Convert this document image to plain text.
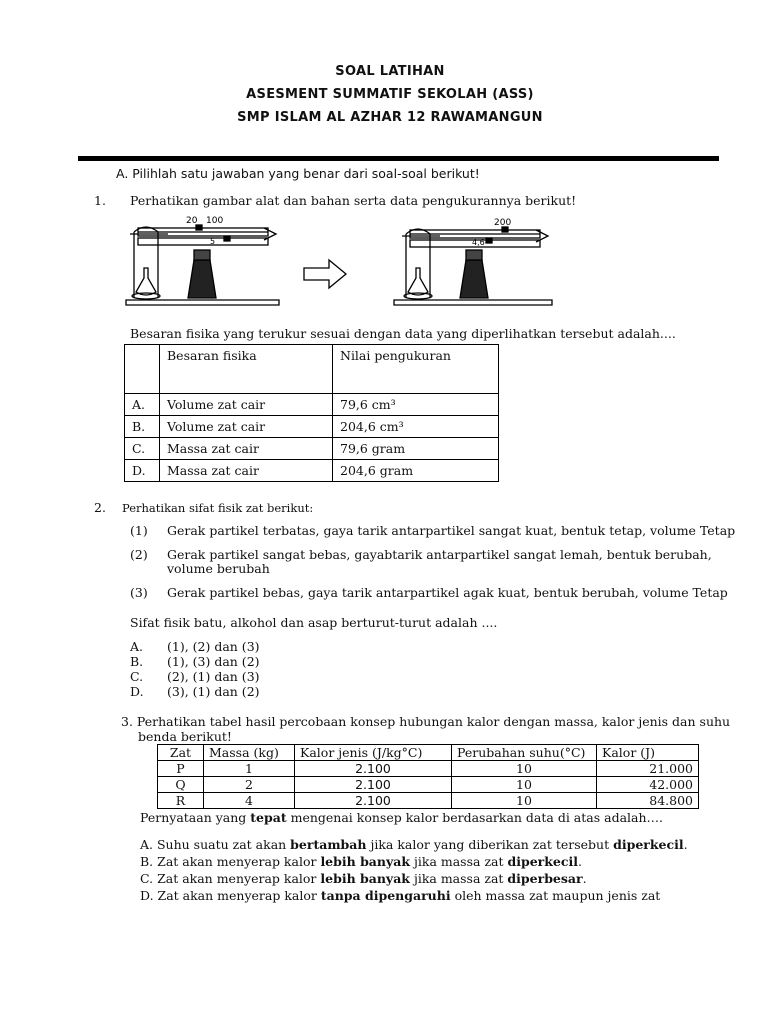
SOAL LATIHAN
ASESMENT SUMMATIF SEKOLAH (ASS)
SMP ISLAM AL AZHAR 12 RAWAMANGUN
A. Pilihlah satu jawaban yang benar dari soal-soal berikut!
1. Perhatikan gambar alat dan bahan serta data pengukurannya berikut!
20 100
5
200
4,6
Besaran fisika yang terukur sesuai dengan data yang diperlihatkan tersebut adalah....
	Besaran fisika	Nilai pengukuran
A.	Volume zat cair	79,6 cm³
B.	Volume zat cair	204,6 cm³
C.	Massa zat cair	79,6 gram
D.	Massa zat cair	204,6 gram
2. Perhatikan sifat fisik zat berikut:
(1) Gerak partikel terbatas, gaya tarik antarpartikel sangat kuat, bentuk tetap, volume Tetap
(2) Gerak partikel sangat bebas, gayabtarik antarpartikel sangat lemah, bentuk berubah,
volume berubah
(3) Gerak partikel bebas, gaya tarik antarpartikel agak kuat, bentuk berubah, volume Tetap
Sifat fisik batu, alkohol dan asap berturut-turut adalah ....
A. (1), (2) dan (3)
B. (1), (3) dan (2)
C. (2), (1) dan (3)
D. (3), (1) dan (2)
3. Perhatikan tabel hasil percobaan konsep hubungan kalor dengan massa, kalor jenis dan suhu
benda berikut!
Zat	Massa (kg)	Kalor jenis (J/kg°C)	Perubahan suhu(°C)	Kalor (J)
P	1	2.100	10	21.000
Q	2	2.100	10	42.000
R	4	2.100	10	84.800
Pernyataan yang tepat mengenai konsep kalor berdasarkan data di atas adalah….
A. Suhu suatu zat akan bertambah jika kalor yang diberikan zat tersebut diperkecil.
B. Zat akan menyerap kalor lebih banyak jika massa zat diperkecil.
C. Zat akan menyerap kalor lebih banyak jika massa zat diperbesar.
D. Zat akan menyerap kalor tanpa dipengaruhi oleh massa zat maupun jenis zat
